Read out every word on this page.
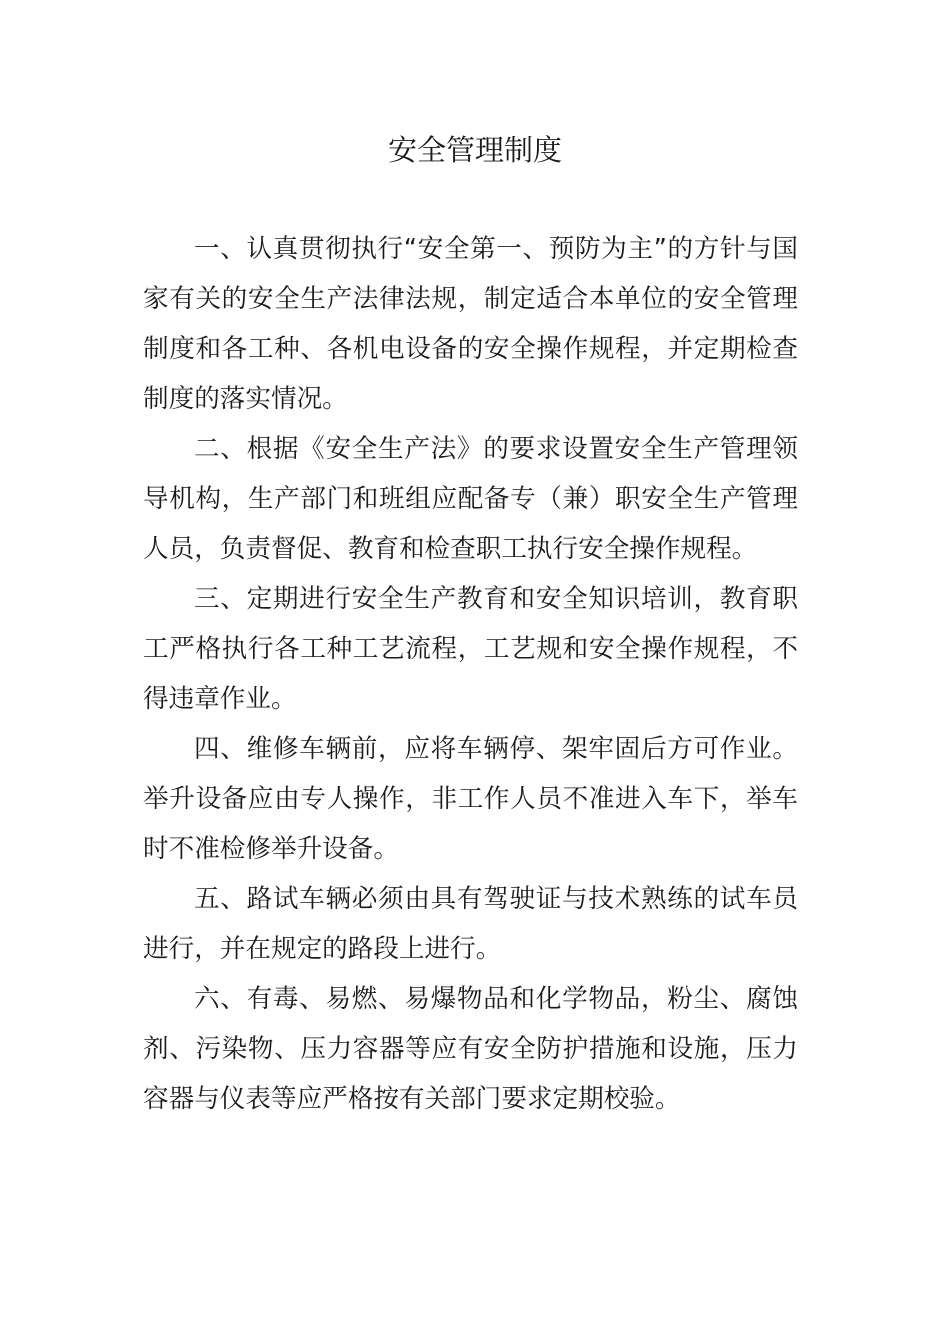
安全管理制度

一、认真贯彻执行“安全第一、预防为主”的方针与国家有关的安全生产法律法规，制定适合本单位的安全管理制度和各工种、各机电设备的安全操作规程，并定期检查制度的落实情况。

二、根据《安全生产法》的要求设置安全生产管理领导机构，生产部门和班组应配备专（兼）职安全生产管理人员，负责督促、教育和检查职工执行安全操作规程。

三、定期进行安全生产教育和安全知识培训，教育职工严格执行各工种工艺流程，工艺规和安全操作规程，不得违章作业。

四、维修车辆前，应将车辆停、架牢固后方可作业。举升设备应由专人操作，非工作人员不准进入车下，举车时不准检修举升设备。

五、路试车辆必须由具有驾驶证与技术熟练的试车员进行，并在规定的路段上进行。

六、有毒、易燃、易爆物品和化学物品，粉尘、腐蚀剂、污染物、压力容器等应有安全防护措施和设施，压力容器与仪表等应严格按有关部门要求定期校验。
